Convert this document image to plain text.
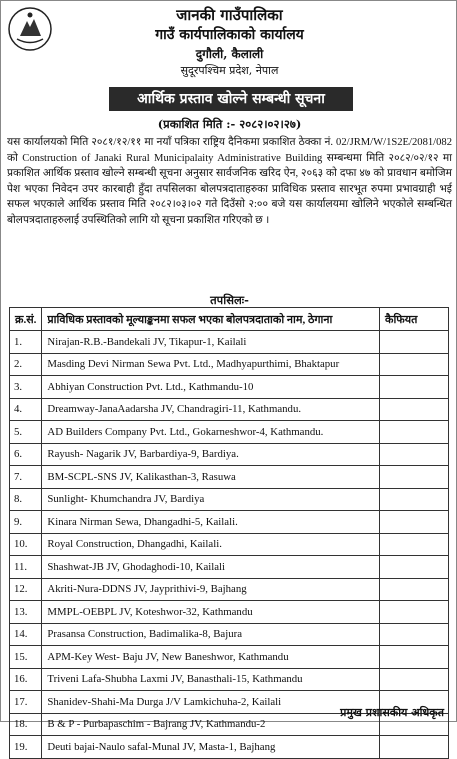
जानकी गाउँपालिका
गाउँ कार्यपालिकाको कार्यालय
दुगौली, कैलाली
सुदूरपश्चिम प्रदेश, नेपाल
आर्थिक प्रस्ताव खोल्ने सम्बन्धी सूचना
(प्रकाशित मिति :- २०८२।०२।२७)

यस कार्यालयको मिति २०८१/१२/११ मा नयाँ पत्रिका राष्ट्रिय दैनिकमा प्रकाशित ठेक्का नं. 02/JRM/W/1S2E/2081/082 को Construction of Janaki Rural Municipalaity Administrative Building सम्बन्धमा मिति २०८२/०२/१२ मा प्रकाशित आर्थिक प्रस्ताव खोल्ने सम्बन्धी सूचना अनुसार सार्वजनिक खरिद ऐन, २०६३ को दफा ४७ को प्रावधान बमोजिम पेश भएका निवेदन उपर कारबाही हुँदा तपसिलका बोलपत्रदाताहरुका प्राविधिक प्रस्ताव सारभूत रुपमा प्रभावग्राही भई सफल भएकाले आर्थिक प्रस्ताव मिति २०८२।०३।०२ गते दिउँसो २:०० बजे यस कार्यालयमा खोलिने भएकोले सम्बन्धित बोलपत्रदाताहरुलाई उपस्थितिको लागि यो सूचना प्रकाशित गरिएको छ ।

तपसिलः-
क्र.सं.	प्राविधिक प्रस्तावको मूल्याङ्कनमा सफल भएका बोलपत्रदाताको नाम, ठेगाना	कैफियत
1.	Nirajan-R.B.-Bandekali JV, Tikapur-1, Kailali	
2.	Masding Devi Nirman Sewa Pvt. Ltd., Madhyapurthimi, Bhaktapur	
3.	Abhiyan Construction Pvt. Ltd., Kathmandu-10	
4.	Dreamway-JanaAadarsha JV, Chandragiri-11, Kathmandu.	
5.	AD Builders Company Pvt. Ltd., Gokarneshwor-4, Kathmandu.	
6.	Rayush- Nagarik JV, Barbardiya-9, Bardiya.	
7.	BM-SCPL-SNS JV, Kalikasthan-3, Rasuwa	
8.	Sunlight- Khumchandra JV, Bardiya	
9.	Kinara Nirman Sewa, Dhangadhi-5, Kailali.	
10.	Royal Construction, Dhangadhi, Kailali.	
11.	Shashwat-JB JV, Ghodaghodi-10, Kailali	
12.	Akriti-Nura-DDNS JV, Jayprithivi-9, Bajhang	
13.	MMPL-OEBPL JV, Koteshwor-32, Kathmandu	
14.	Prasansa Construction, Badimalika-8, Bajura	
15.	APM-Key West- Baju JV, New Baneshwor, Kathmandu	
16.	Triveni Lafa-Shubha Laxmi JV, Banasthali-15, Kathmandu	
17.	Shanidev-Shahi-Ma Durga J/V Lamkichuha-2, Kailali	
18.	B & P - Purbapaschim - Bajrang JV, Kathmandu-2	
19.	Deuti bajai-Naulo safal-Munal JV, Masta-1, Bajhang	
प्रमुख प्रशासकीय अधिकृत
